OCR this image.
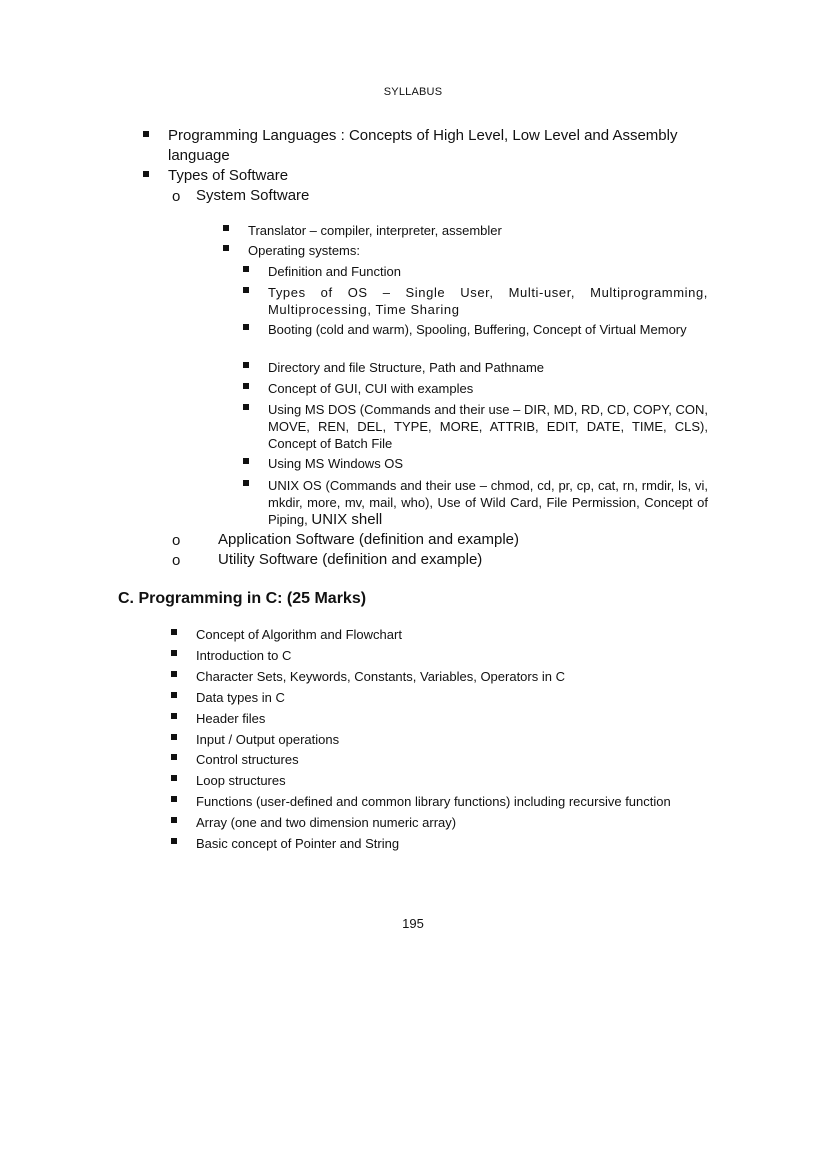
SYLLABUS
Programming Languages : Concepts of High Level, Low Level and Assembly language
Types of Software
o System Software
Translator – compiler, interpreter, assembler
Operating systems:
Definition and Function
Types of OS – Single User, Multi-user, Multiprogramming, Multiprocessing, Time Sharing
Booting (cold and warm), Spooling, Buffering, Concept of Virtual Memory
Directory and file Structure, Path and Pathname
Concept of GUI, CUI with examples
Using MS DOS (Commands and their use – DIR, MD, RD, CD, COPY, CON, MOVE, REN, DEL, TYPE, MORE, ATTRIB, EDIT, DATE, TIME, CLS), Concept of Batch File
Using MS Windows OS
UNIX OS (Commands and their use – chmod, cd, pr, cp, cat, rn, rmdir, ls, vi, mkdir, more, mv, mail, who), Use of Wild Card, File Permission, Concept of Piping, UNIX shell
o	Application Software (definition and example)
o	Utility Software (definition and example)
C. Programming in C: (25 Marks)
Concept of Algorithm and Flowchart
Introduction to C
Character Sets, Keywords, Constants, Variables, Operators in C
Data types in C
Header files
Input / Output operations
Control structures
Loop structures
Functions (user-defined and common library functions) including recursive function
Array (one and two dimension numeric array)
Basic concept of Pointer and String
195
